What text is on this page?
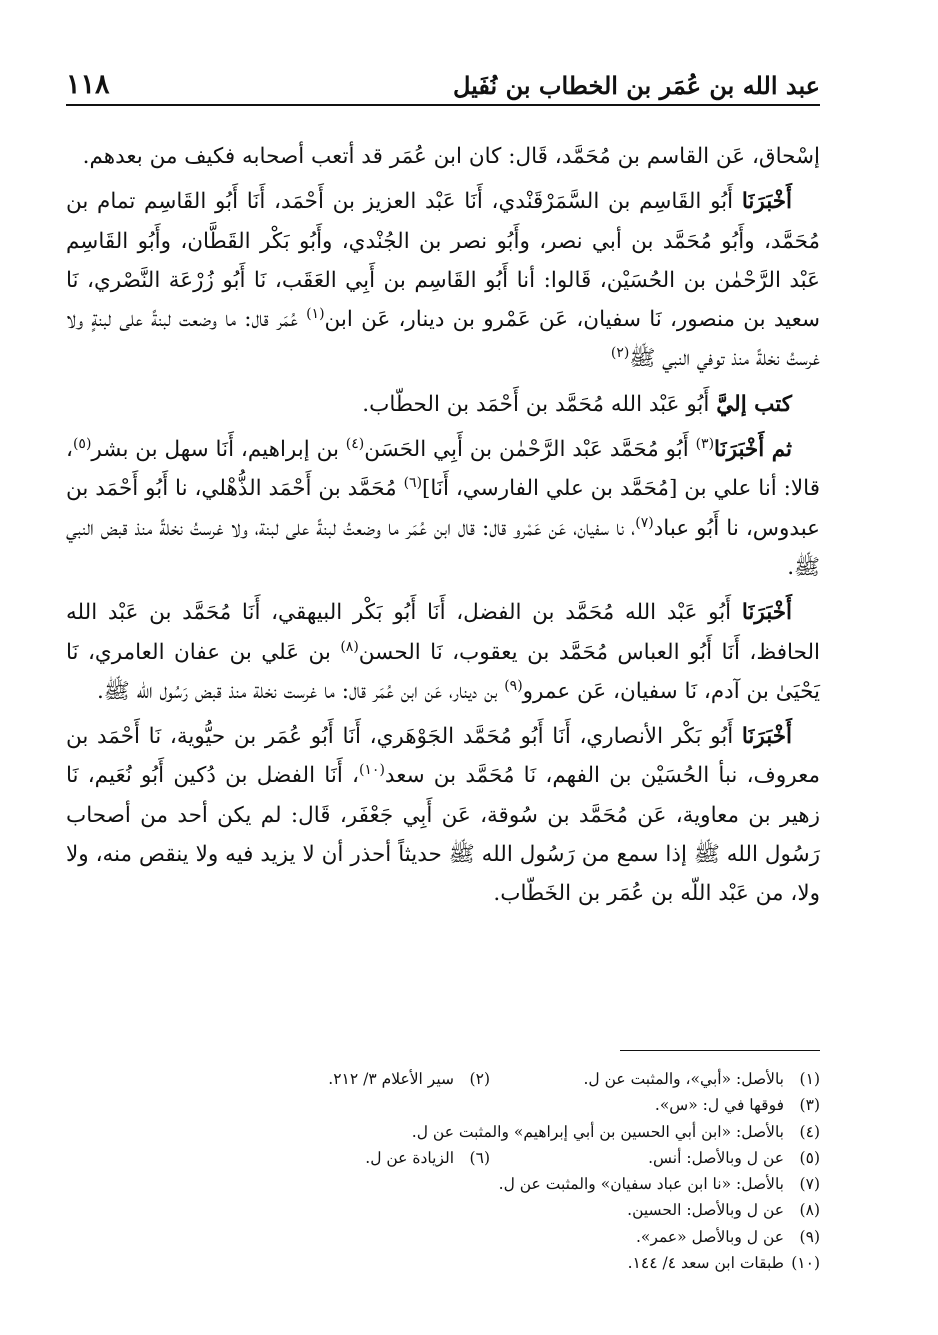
عبد الله بن عُمَر بن الخطاب بن نُفَيل
١١٨

إسْحاق، عَن القاسم بن مُحَمَّد، قَال: كان ابن عُمَر قد أتعب أصحابه فكيف من بعدهم.

أَخْبَرَنَا أَبُو القَاسِم بن السَّمَرْقَنْدي، أَنَا عَبْد العزيز بن أَحْمَد، أَنَا أَبُو القَاسِم تمام بن مُحَمَّد، وأَبُو مُحَمَّد بن أبي نصر، وأَبُو نصر بن الجُنْدي، وأَبُو بَكْر القَطَّان، وأَبُو القَاسِم عَبْد الرَّحْمٰن بن الحُسَيْن، قَالوا: أنا أَبُو القَاسِم بن أَبِي العَقَب، نَا أَبُو زُرْعَة النَّصْري، نَا سعيد بن منصور، نَا سفيان، عَن عَمْرو بن دينار، عَن ابن$^{(١)}$ عُمَر قال: ما وضعت لبنةً على لبنةٍ ولا غرستُ نخلةً منذ توفي النبي ﷺ$^{(٢)}$

كتب إليَّ أَبُو عَبْد الله مُحَمَّد بن أَحْمَد بن الحطّاب.

ثم أَخْبَرَنَا$^{(٣)}$ أَبُو مُحَمَّد عَبْد الرَّحْمٰن بن أَبِي الحَسَن$^{(٤)}$ بن إبراهيم، أَنَا سهل بن بشر$^{(٥)}$، قالا: أنا علي بن [مُحَمَّد بن علي الفارسي، أَنَا]$^{(٦)}$ مُحَمَّد بن أَحْمَد الذُّهْلي، نا أَبُو أَحْمَد بن عبدوس، نا أَبُو عباد$^{(٧)}$، نا سفيان، عَن عَمْرو قال: قال ابن عُمَر ما وضعتُ لبنةً على لبنة، ولا غرستُ نخلةً منذ قبض النبي ﷺ.

أَخْبَرَنَا أَبُو عَبْد الله مُحَمَّد بن الفضل، أَنَا أَبُو بَكْر البيهقي، أَنَا مُحَمَّد بن عَبْد الله الحافظ، أَنَا أَبُو العباس مُحَمَّد بن يعقوب، نَا الحسن$^{(٨)}$ بن عَلي بن عفان العامري، نَا يَحْيَىٰ بن آدم، نَا سفيان، عَن عمرو$^{(٩)}$ بن دينار، عَن ابن عُمَر قال: ما غرست نخلة منذ قبض رَسُول الله ﷺ.

أَخْبَرَنَا أَبُو بَكْر الأنصاري، أَنَا أَبُو مُحَمَّد الجَوْهَري، أَنَا أَبُو عُمَر بن حيُّوية، نَا أَحْمَد بن معروف، نبأ الحُسَيْن بن الفهم، نَا مُحَمَّد بن سعد$^{(١٠)}$، أَنَا الفضل بن دُكين أَبُو نُعَيم، نَا زهير بن معاوية، عَن مُحَمَّد بن سُوقة، عَن أَبِي جَعْفَر، قَال: لم يكن أحد من أصحاب رَسُول الله ﷺ إذا سمع من رَسُول الله ﷺ حديثاً أحذر أن لا يزيد فيه ولا ينقص منه، ولا ولا، من عَبْد اللّه بن عُمَر بن الخَطّاب.

(١)
بالأصل: «أبي»، والمثبت عن ل.
(٢)
سير الأعلام ٣/ ٢١٢.
(٣)
فوقها في ل: «س».
(٤)
بالأصل: «ابن أبي الحسين بن أبي إبراهيم» والمثبت عن ل.
(٥)
عن ل وبالأصل: أنس.
(٦)
الزيادة عن ل.
(٧)
بالأصل: «نا ابن عباد سفيان» والمثبت عن ل.
(٨)
عن ل وبالأصل: الحسين.
(٩)
عن ل وبالأصل «عمر».
(١٠)
طبقات ابن سعد ٤/ ١٤٤.
